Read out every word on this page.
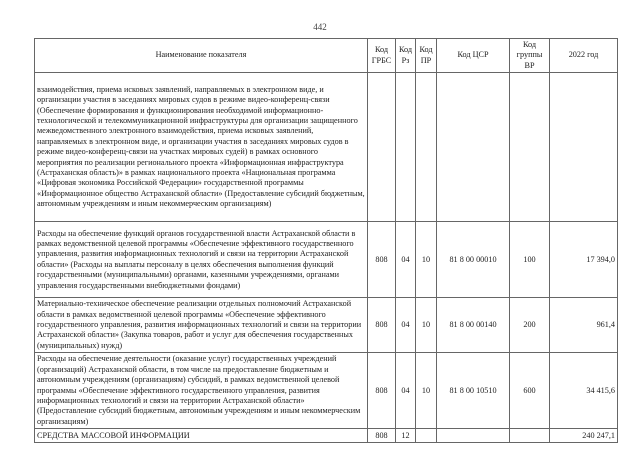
442
Наименование показателя	Код ГРБС	Код Рз	Код ПР	Код ЦСР	Код группы ВР	2022 год
взаимодействия, приема исковых заявлений, направляемых в электронном виде, и организации участия в заседаниях мировых судов в режиме видео-конференц-связи (Обеспечение формирования и функционирования необходимой информационно-технологической и телекоммуникационной инфраструктуры для организации защищенного межведомственного электронного взаимодействия, приема исковых заявлений, направляемых в электронном виде, и организации участия в заседаниях мировых судов в режиме видео-конференц-связи на участках мировых судей) в рамках основного мероприятия по реализации регионального проекта «Информационная инфраструктура (Астраханская область)» в рамках национального проекта «Национальная программа «Цифровая экономика Российской Федерации» государственной программы «Информационное общество Астраханской области» (Предоставление субсидий бюджетным, автономным учреждениям и иным некоммерческим организациям)						
Расходы на обеспечение функций органов государственной власти Астраханской области в рамках ведомственной целевой программы «Обеспечение эффективного государственного управления, развития информационных технологий и связи на территории Астраханской области» (Расходы на выплаты персоналу в целях обеспечения выполнения функций государственными (муниципальными) органами, казенными учреждениями, органами управления государственными внебюджетными фондами)	808	04	10	81 8 00 00010	100	17 394,0
Материально-техническое обеспечение реализации отдельных полномочий Астраханской области в рамках ведомственной целевой программы «Обеспечение эффективного государственного управления, развития информационных технологий и связи на территории Астраханской области» (Закупка товаров, работ и услуг для обеспечения государственных (муниципальных) нужд)	808	04	10	81 8 00 00140	200	961,4
Расходы на обеспечение деятельности (оказание услуг) государственных учреждений (организаций) Астраханской области, в том числе на предоставление бюджетным и автономным учреждениям (организациям) субсидий, в рамках ведомственной целевой программы «Обеспечение эффективного государственного управления, развития информационных технологий и связи на территории Астраханской области» (Предоставление субсидий бюджетным, автономным учреждениям и иным некоммерческим организациям)	808	04	10	81 8 00 10510	600	34 415,6
СРЕДСТВА МАССОВОЙ ИНФОРМАЦИИ	808	12				240 247,1
